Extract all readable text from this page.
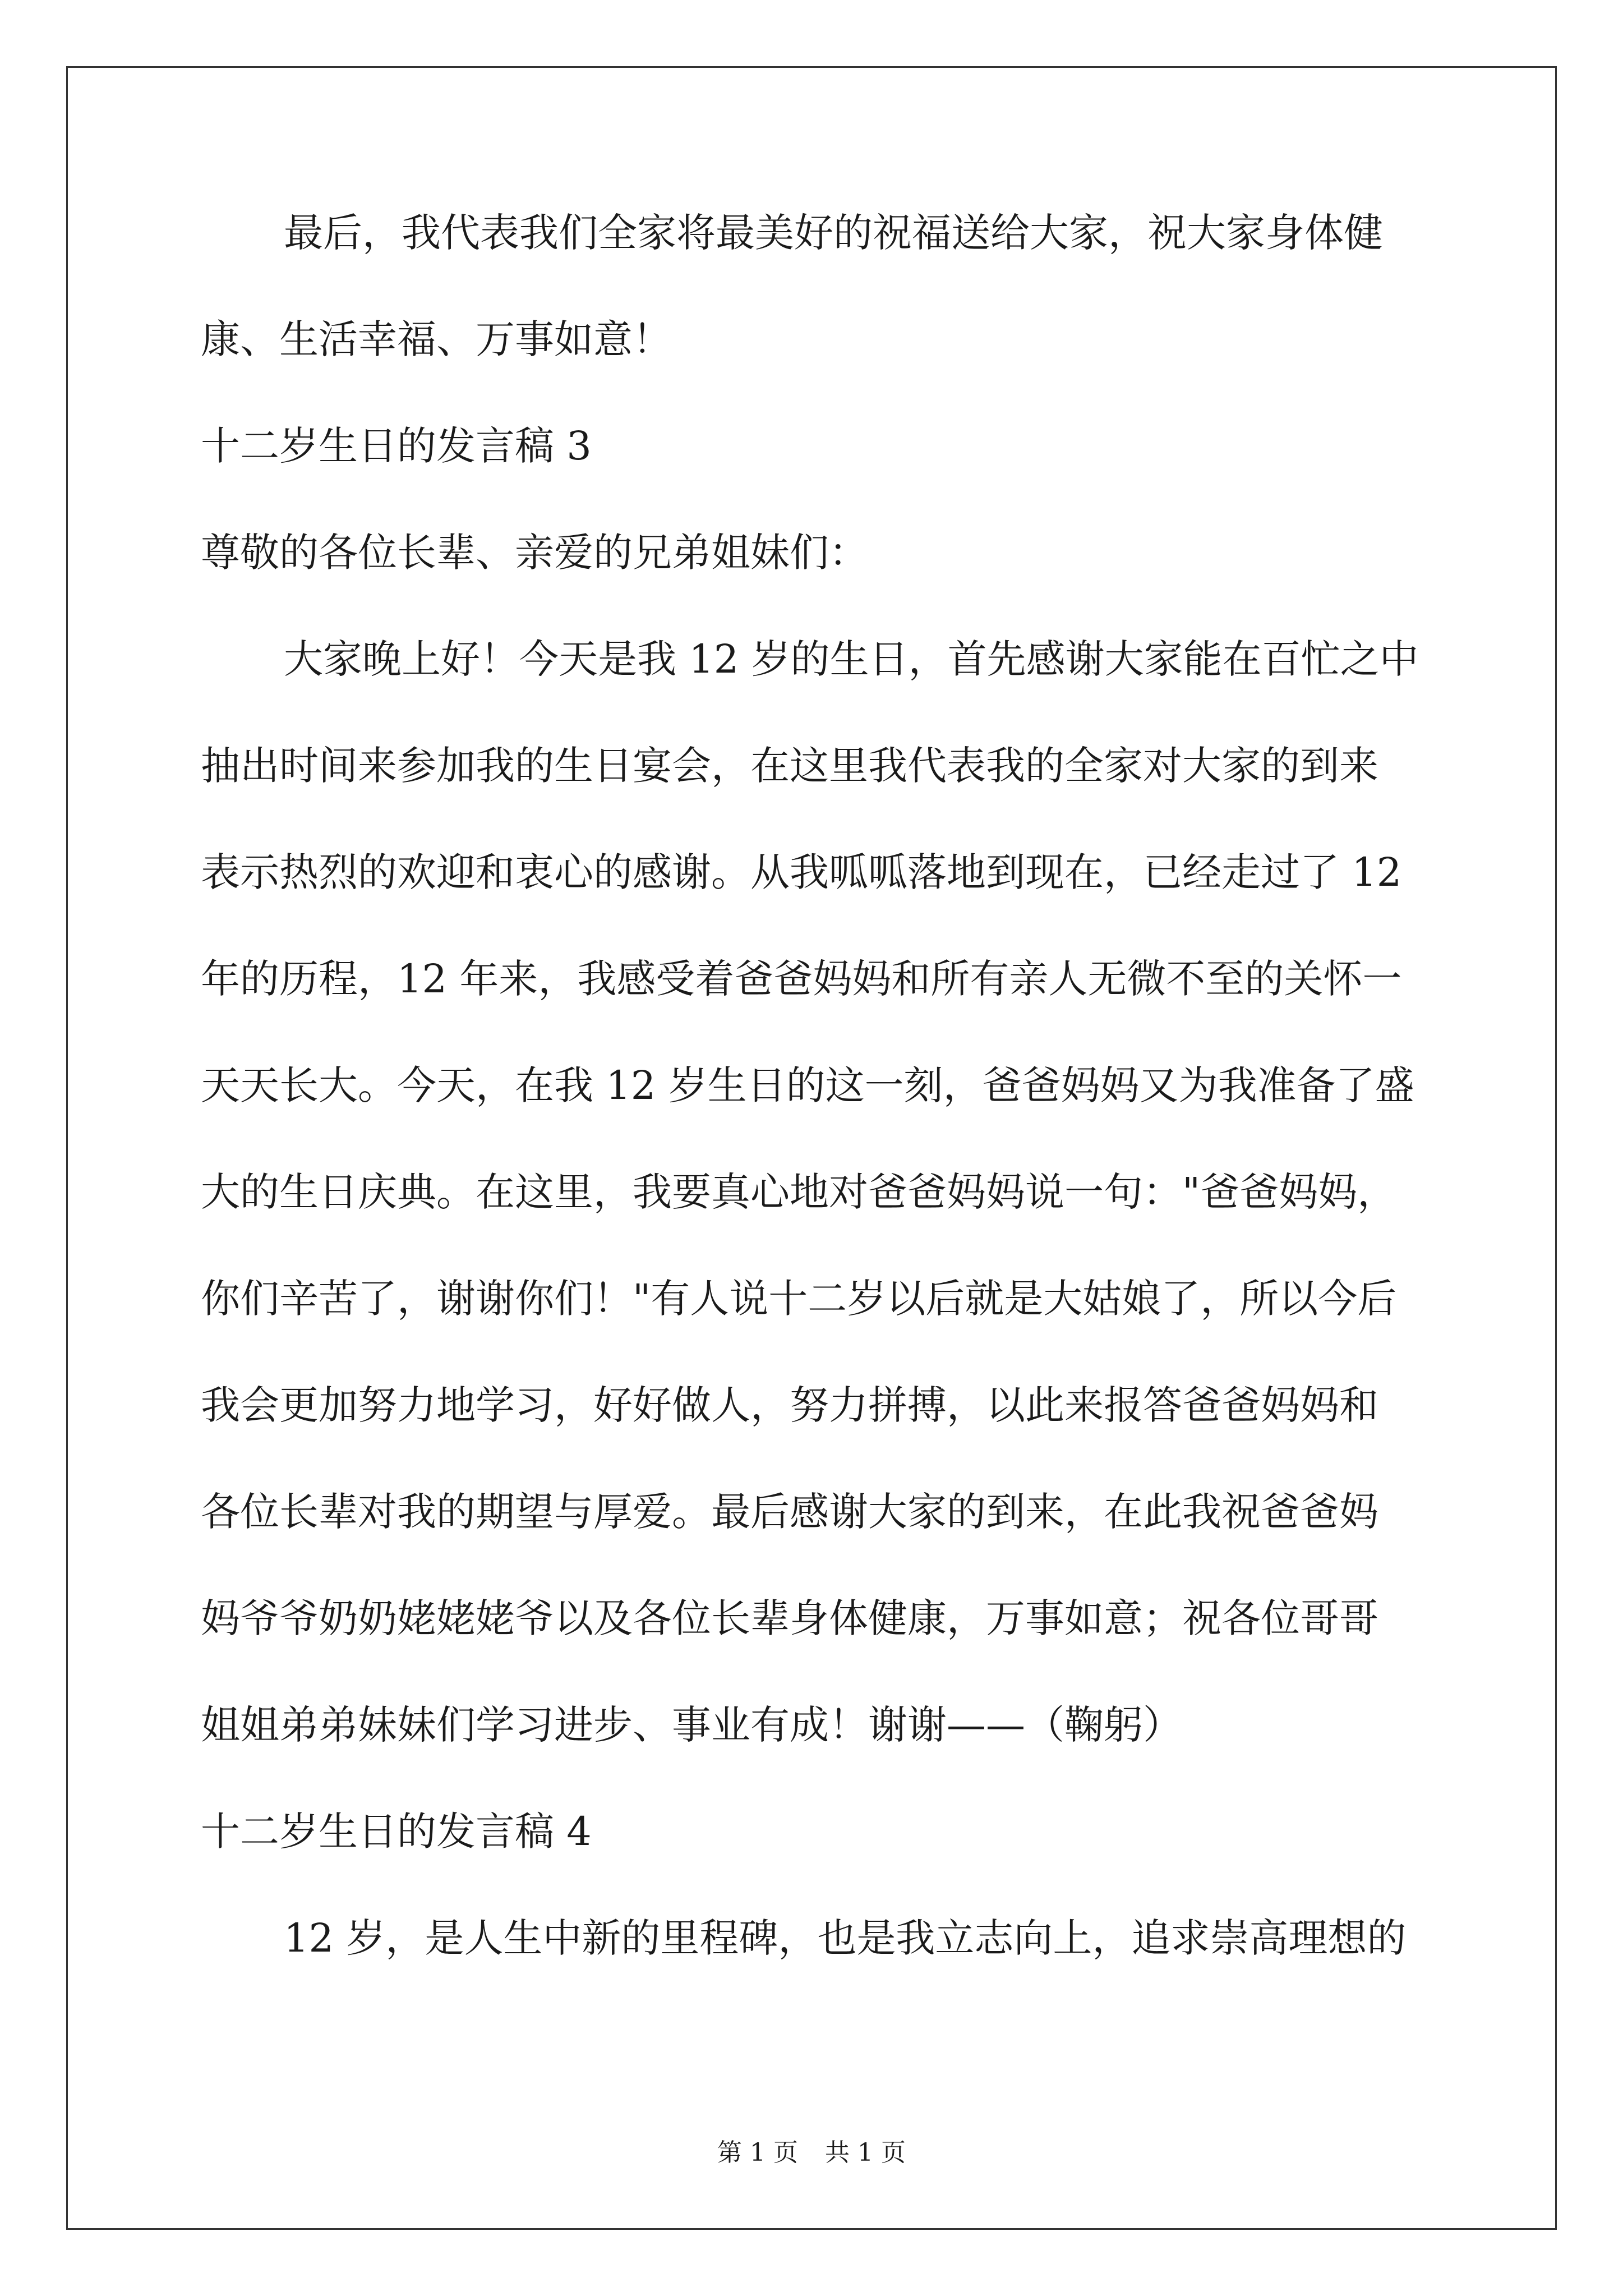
最后，我代表我们全家将最美好的祝福送给大家，祝大家身体健
康、生活幸福、万事如意！
十二岁生日的发言稿 3
尊敬的各位长辈、亲爱的兄弟姐妹们：
大家晚上好！今天是我 12 岁的生日，首先感谢大家能在百忙之中
抽出时间来参加我的生日宴会，在这里我代表我的全家对大家的到来
表示热烈的欢迎和衷心的感谢。从我呱呱落地到现在，已经走过了 12
年的历程，12 年来，我感受着爸爸妈妈和所有亲人无微不至的关怀一
天天长大。今天，在我 12 岁生日的这一刻，爸爸妈妈又为我准备了盛
大的生日庆典。在这里，我要真心地对爸爸妈妈说一句："爸爸妈妈，
你们辛苦了，谢谢你们！"有人说十二岁以后就是大姑娘了，所以今后
我会更加努力地学习，好好做人，努力拼搏，以此来报答爸爸妈妈和
各位长辈对我的期望与厚爱。最后感谢大家的到来，在此我祝爸爸妈
妈爷爷奶奶姥姥姥爷以及各位长辈身体健康，万事如意；祝各位哥哥
姐姐弟弟妹妹们学习进步、事业有成！谢谢——（鞠躬）
十二岁生日的发言稿 4
12 岁，是人生中新的里程碑，也是我立志向上，追求崇高理想的
第 1 页 共 1 页
